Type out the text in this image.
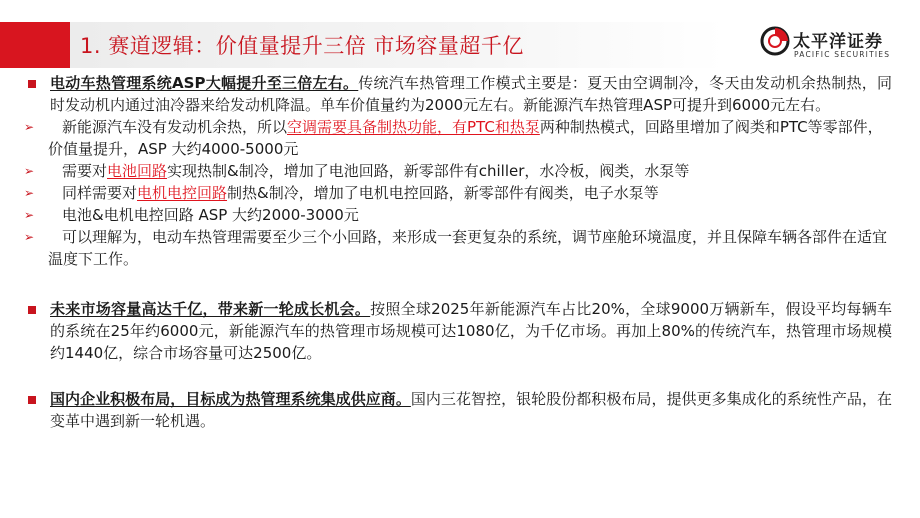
1. 赛道逻辑：价值量提升三倍 市场容量超千亿	太平洋证券
PACIFIC SECURITIES

电动车热管理系统ASP大幅提升至三倍左右。传统汽车热管理工作模式主要是：夏天由空调制冷，冬天由发动机余热制热，同时发动机内通过油冷器来给发动机降温。单车价值量约为2000元左右。新能源汽车热管理ASP可提升到6000元左右。

➢ 新能源汽车没有发动机余热，所以空调需要具备制热功能，有PTC和热泵两种制热模式，回路里增加了阀类和PTC等零部件，价值量提升，ASP 大约4000-5000元

➢ 需要对电池回路实现热制&制冷，增加了电池回路，新零部件有chiller，水冷板，阀类，水泵等

➢ 同样需要对电机电控回路制热&制冷，增加了电机电控回路，新零部件有阀类，电子水泵等

➢ 电池&电机电控回路 ASP 大约2000-3000元

➢ 可以理解为，电动车热管理需要至少三个小回路，来形成一套更复杂的系统，调节座舱环境温度，并且保障车辆各部件在适宜温度下工作。

未来市场容量高达千亿，带来新一轮成长机会。按照全球2025年新能源汽车占比20%，全球9000万辆新车，假设平均每辆车的系统在25年约6000元，新能源汽车的热管理市场规模可达1080亿，为千亿市场。再加上80%的传统汽车，热管理市场规模约1440亿，综合市场容量可达2500亿。

国内企业积极布局，目标成为热管理系统集成供应商。国内三花智控，银轮股份都积极布局，提供更多集成化的系统性产品，在变革中遇到新一轮机遇。
